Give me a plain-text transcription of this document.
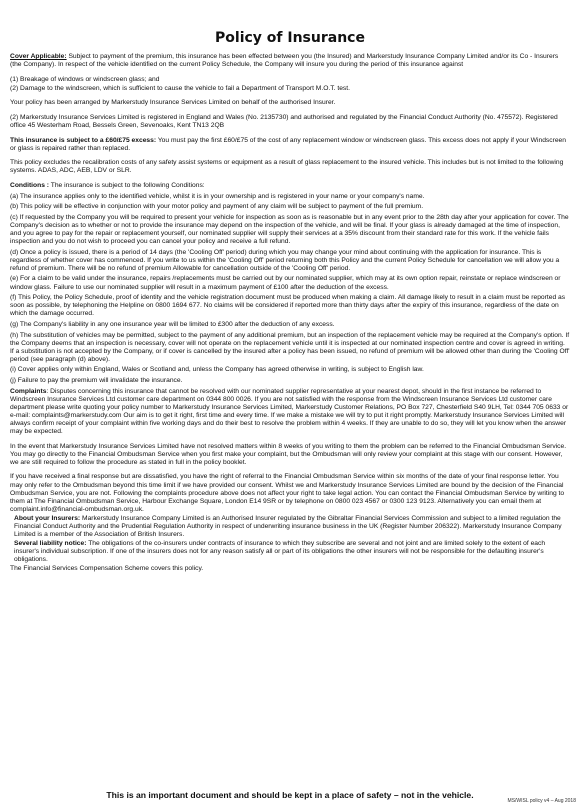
Policy of Insurance

Cover Applicable: Subject to payment of the premium, this insurance has been effected between you (the Insured) and Markerstudy Insurance Company Limited and/or its Co - Insurers (the Company). In respect of the vehicle identified on the current Policy Schedule, the Company will insure you during the period of this insurance against

(1) Breakage of windows or windscreen glass; and

(2) Damage to the windscreen, which is sufficient to cause the vehicle to fail a Department of Transport M.O.T. test.

Your policy has been arranged by Markerstudy Insurance Services Limited on behalf of the authorised Insurer.

(2) Markerstudy Insurance Services Limited is registered in England and Wales (No. 2135730) and authorised and regulated by the Financial Conduct Authority (No. 475572). Registered office 45 Westerham Road, Bessels Green, Sevenoaks, Kent TN13 2QB

This insurance is subject to a £60/£75 excess: You must pay the first £60/£75 of the cost of any replacement window or windscreen glass. This excess does not apply if your Windscreen or glass is repaired rather than replaced.

This policy excludes the recalibration costs of any safety assist systems or equipment as a result of glass replacement to the insured vehicle. This includes but is not limited to the following systems. ADAS, ADC, AEB, LDV or SLR.

Conditions : The insurance is subject to the following Conditions:

(a) The insurance applies only to the identified vehicle, whilst it is in your ownership and is registered in your name or your company's name.

(b) This policy will be effective in conjunction with your motor policy and payment of any claim will be subject to payment of the full premium.

(c) If requested by the Company you will be required to present your vehicle for inspection as soon as is reasonable but in any event prior to the 28th day after your application for cover. The Company's decision as to whether or not to provide the insurance may depend on the inspection of the vehicle, and will be final. If your glass is already damaged at the time of inspection, and you agree to pay for the repair or replacement yourself, our nominated supplier will supply their services at a 35% discount from their standard rate for this work. If the vehicle fails inspection and you do not wish to proceed you can cancel your policy and receive a full refund.

(d) Once a policy is issued, there is a period of 14 days (the 'Cooling Off' period) during which you may change your mind about continuing with the application for insurance. This is regardless of whether cover has commenced. If you write to us within the 'Cooling Off' period returning both this Policy and the current Policy Schedule for cancellation we will allow you a refund of premium. There will be no refund of premium Allowable for cancellation outside of the 'Cooling Off' period.

(e) For a claim to be valid under the insurance, repairs /replacements must be carried out by our nominated supplier, which may at its own option repair, reinstate or replace windscreen or window glass. Failure to use our nominated supplier will result in a maximum payment of £100 after the deduction of the excess.

(f) This Policy, the Policy Schedule, proof of identity and the vehicle registration document must be produced when making a claim. All damage likely to result in a claim must be reported as soon as possible, by telephoning the Helpline on 0800 1694 677. No claims will be considered if reported more than thirty days after the expiry of this insurance, regardless of the date on which the damage occurred.

(g) The Company's liability in any one insurance year will be limited to £300 after the deduction of any excess.

(h) The substitution of vehicles may be permitted, subject to the payment of any additional premium, but an inspection of the replacement vehicle may be required at the Company's option. If the Company deems that an inspection is necessary, cover will not operate on the replacement vehicle until it is inspected at our nominated inspection centre and cover is agreed in writing. If a substitution is not accepted by the Company, or if cover is cancelled by the insured after a policy has been issued, no refund of premium will be allowed other than during the 'Cooling Off' period (see paragraph (d) above).

(i) Cover applies only within England, Wales or Scotland and, unless the Company has agreed otherwise in writing, is subject to English law.

(j) Failure to pay the premium will invalidate the insurance.

Complaints: Disputes concerning this insurance that cannot be resolved with our nominated supplier representative at your nearest depot, should in the first instance be referred to Windscreen Insurance Services Ltd customer care department on 0344 800 0026. If you are not satisfied with the response from the Windscreen Insurance Services Ltd customer care department please write quoting your policy number to Markerstudy Insurance Services Limited, Markerstudy Customer Relations, PO Box 727, Chesterfield S40 9LH, Tel: 0344 705 0633 or e-mail: complaints@markerstudy.com Our aim is to get it right, first time and every time. If we make a mistake we will try to put it right promptly. Markerstudy Insurance Services Limited will always confirm receipt of your complaint within five working days and do their best to resolve the problem within 4 weeks. If they are unable to do so, they will let you know when the answer may be expected.

In the event that Markerstudy Insurance Services Limited have not resolved matters within 8 weeks of you writing to them the problem can be referred to the Financial Ombudsman Service. You may go directly to the Financial Ombudsman Service when you first make your complaint, but the Ombudsman will only review your complaint at this stage with our consent. However, we are still required to follow the procedure as stated in full in the policy booklet.

If you have received a final response but are dissatisfied, you have the right of referral to the Financial Ombudsman Service within six months of the date of your final response letter. You may only refer to the Ombudsman beyond this time limit if we have provided our consent. Whilst we and Markerstudy Insurance Services Limited are bound by the decision of the Financial Ombudsman Service, you are not. Following the complaints procedure above does not affect your right to take legal action. You can contact the Financial Ombudsman Service by writing to them at The Financial Ombudsman Service, Harbour Exchange Square, London E14 9SR or by telephone on 0800 023 4567 or 0300 123 9123. Alternatively you can email them at complaint.info@financial-ombudsman.org.uk.

About your Insurers: Markerstudy Insurance Company Limited is an Authorised Insurer regulated by the Gibraltar Financial Services Commission and subject to a limited regulation the Financial Conduct Authority and the Prudential Regulation Authority in respect of underwriting insurance business in the UK (Register Number 206322). Markerstudy Insurance Company Limited is a member of the Association of British Insurers.

Several liability notice: The obligations of the co-insurers under contracts of insurance to which they subscribe are several and not joint and are limited solely to the extent of each insurer's individual subscription. If one of the insurers does not for any reason satisfy all or part of its obligations the other insurers will not be responsible for the defaulting insurer's obligations.

The Financial Services Compensation Scheme covers this policy.

This is an important document and should be kept in a place of safety – not in the vehicle.
MS/WISL policy v4 – Aug 2018
